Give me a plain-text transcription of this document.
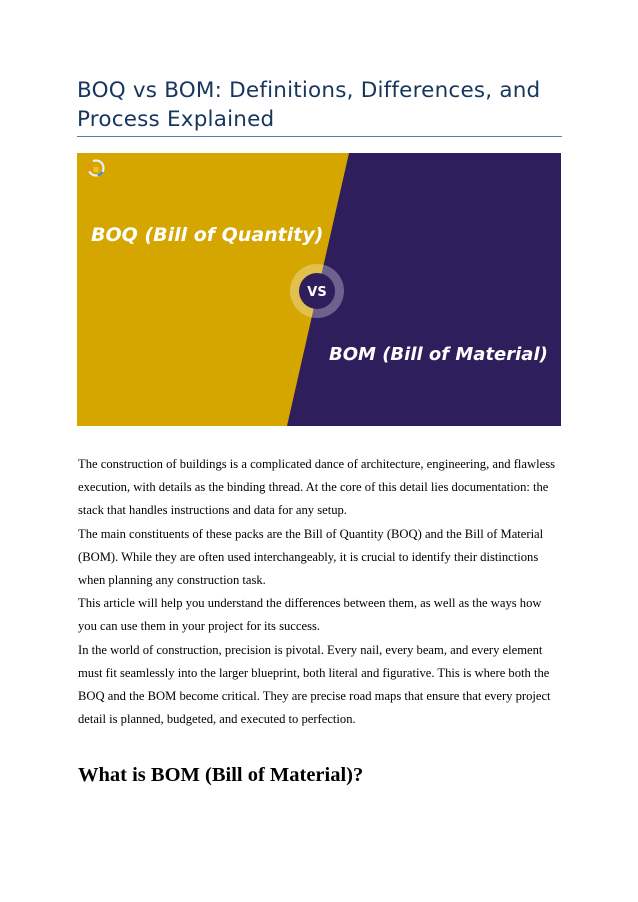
BOQ vs BOM: Definitions, Differences, and Process Explained
BOQ (Bill of Quantity)
VS
BOM (Bill of Material)

The construction of buildings is a complicated dance of architecture, engineering, and flawless execution, with details as the binding thread. At the core of this detail lies documentation: the stack that handles instructions and data for any setup.

The main constituents of these packs are the Bill of Quantity (BOQ) and the Bill of Material (BOM). While they are often used interchangeably, it is crucial to identify their distinctions when planning any construction task.

This article will help you understand the differences between them, as well as the ways how you can use them in your project for its success.

In the world of construction, precision is pivotal. Every nail, every beam, and every element must fit seamlessly into the larger blueprint, both literal and figurative. This is where both the BOQ and the BOM become critical. They are precise road maps that ensure that every project detail is planned, budgeted, and executed to perfection.

What is BOM (Bill of Material)?
